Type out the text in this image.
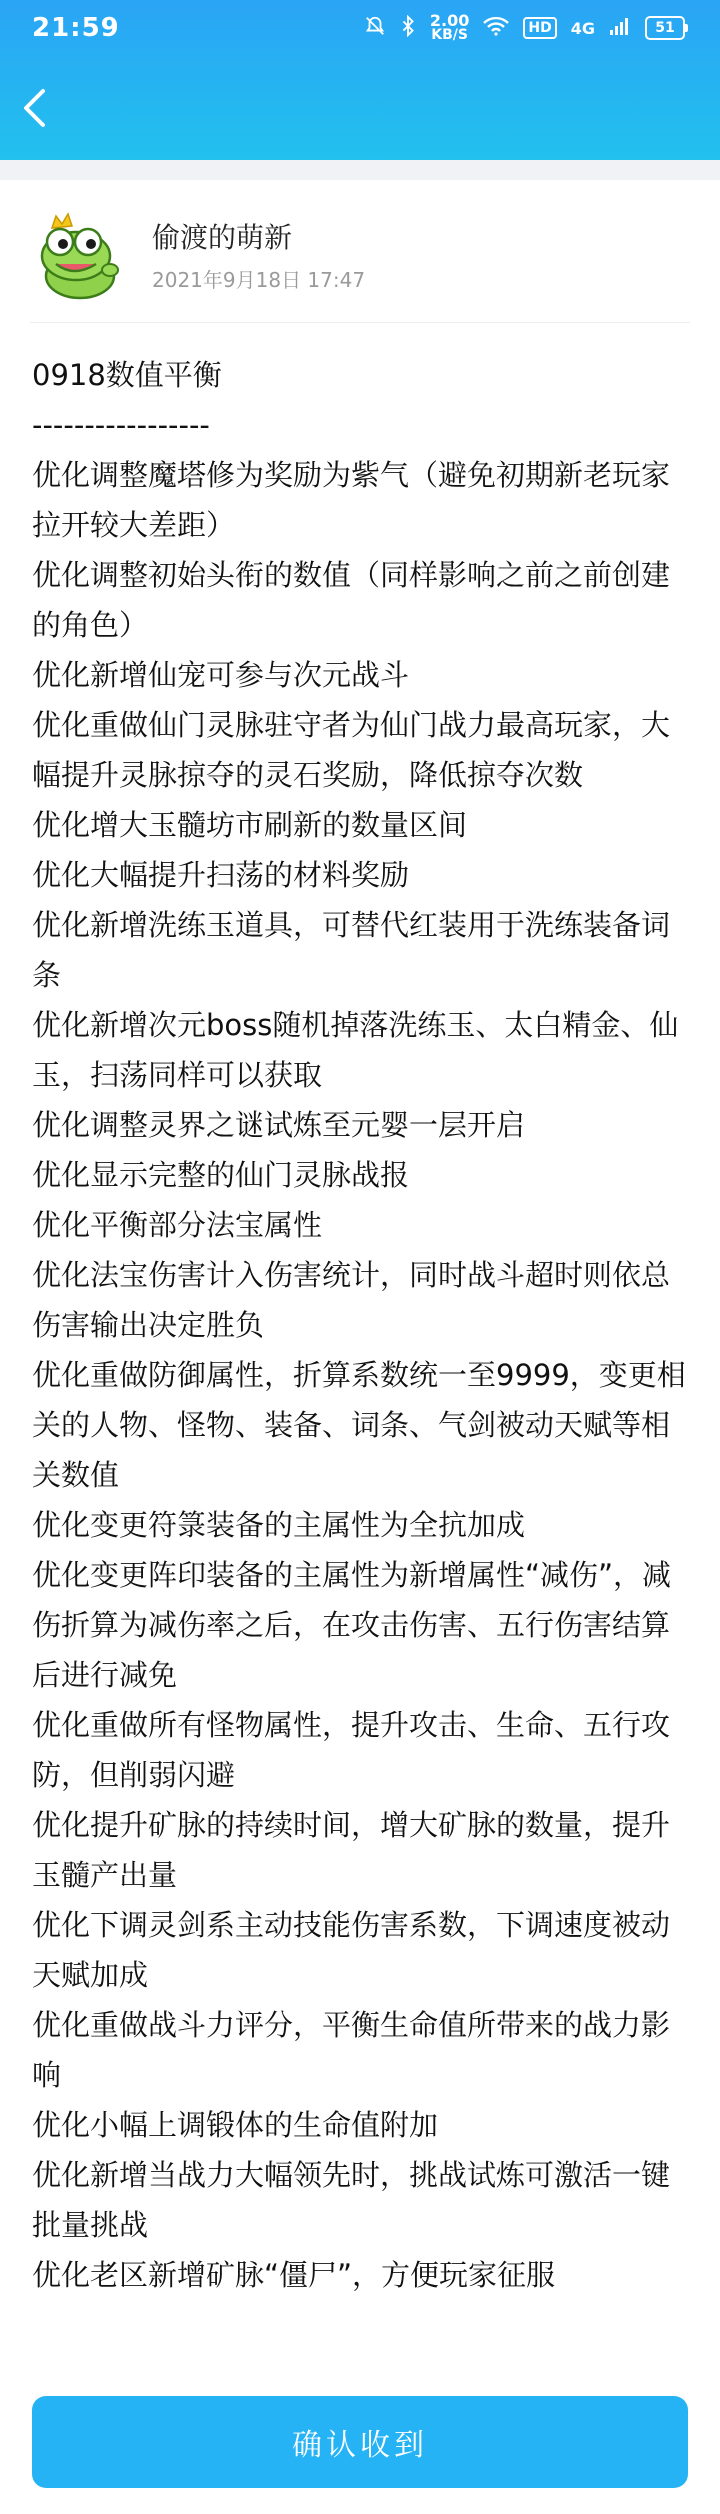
21:59	2.00
KB/S	HD	4G	51
偷渡的萌新
2021年9月18日 17:47
0918数值平衡
-----------------
优化调整魔塔修为奖励为紫气（避免初期新老玩家拉开较大差距）
优化调整初始头衔的数值（同样影响之前之前创建的角色）
优化新增仙宠可参与次元战斗
优化重做仙门灵脉驻守者为仙门战力最高玩家，大幅提升灵脉掠夺的灵石奖励，降低掠夺次数
优化增大玉髓坊市刷新的数量区间
优化大幅提升扫荡的材料奖励
优化新增洗练玉道具，可替代红装用于洗练装备词条
优化新增次元boss随机掉落洗练玉、太白精金、仙玉，扫荡同样可以获取
优化调整灵界之谜试炼至元婴一层开启
优化显示完整的仙门灵脉战报
优化平衡部分法宝属性
优化法宝伤害计入伤害统计，同时战斗超时则依总伤害输出决定胜负
优化重做防御属性，折算系数统一至9999，变更相关的人物、怪物、装备、词条、气剑被动天赋等相关数值
优化变更符箓装备的主属性为全抗加成
优化变更阵印装备的主属性为新增属性“减伤”，减伤折算为减伤率之后，在攻击伤害、五行伤害结算后进行减免
优化重做所有怪物属性，提升攻击、生命、五行攻防，但削弱闪避
优化提升矿脉的持续时间，增大矿脉的数量，提升玉髓产出量
优化下调灵剑系主动技能伤害系数，下调速度被动天赋加成
优化重做战斗力评分，平衡生命值所带来的战力影响
优化小幅上调锻体的生命值附加
优化新增当战力大幅领先时，挑战试炼可激活一键批量挑战
优化老区新增矿脉“僵尸”，方便玩家征服
确认收到
